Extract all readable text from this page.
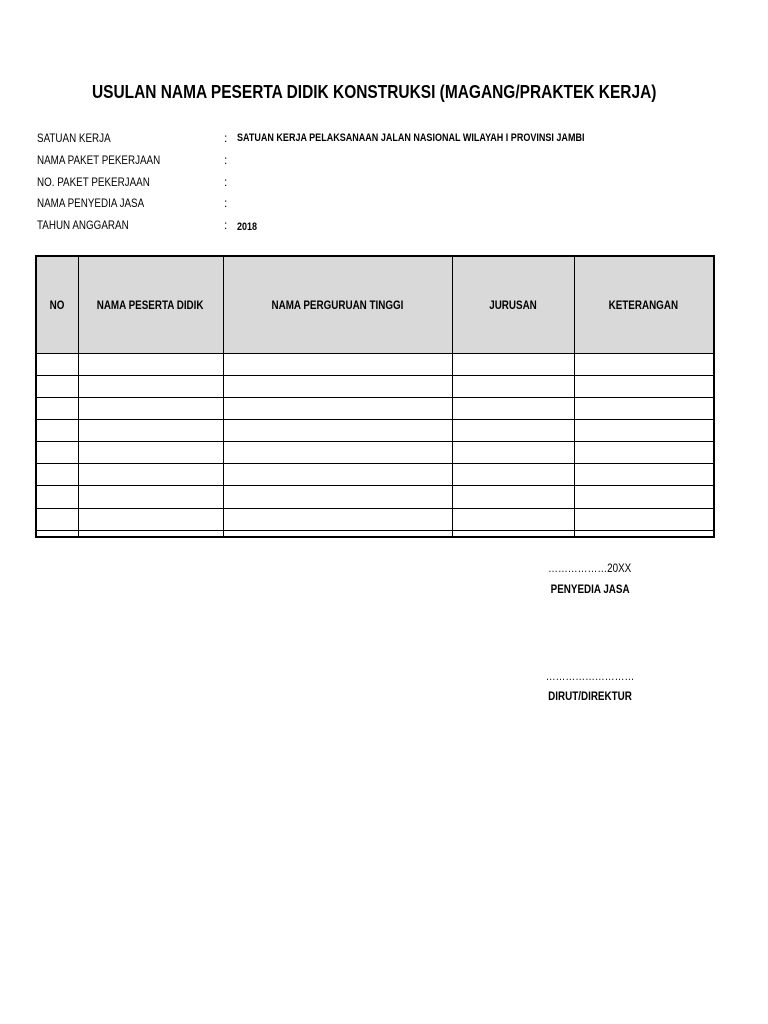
USULAN NAMA PESERTA DIDIK KONSTRUKSI (MAGANG/PRAKTEK KERJA)
SATUAN KERJA	: SATUAN KERJA PELAKSANAAN JALAN NASIONAL WILAYAH I PROVINSI JAMBI
NAMA PAKET PEKERJAAN	:
NO. PAKET PEKERJAAN	:
NAMA PENYEDIA JASA	:
TAHUN ANGGARAN	: 2018
NO	NAMA PESERTA DIDIK	NAMA PERGURUAN TINGGI	JURUSAN	KETERANGAN

………………20XX
PENYEDIA JASA
………………………
DIRUT/DIREKTUR
